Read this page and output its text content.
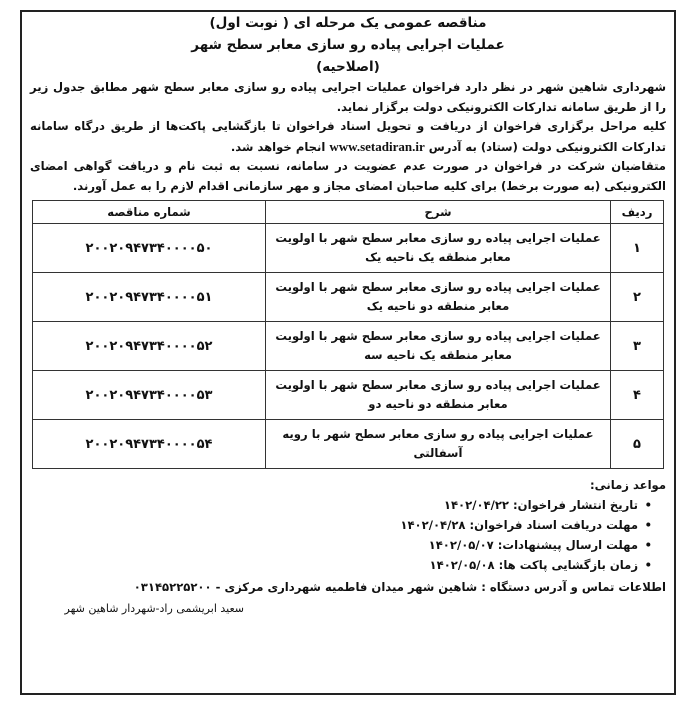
مناقصه عمومی یک مرحله ای ( نوبت اول)
عملیات اجرایی پیاده رو سازی معابر سطح شهر
(اصلاحیه)

شهرداری شاهین شهر در نظر دارد فراخوان عملیات اجرایی پیاده رو سازی معابر سطح شهر مطابق جدول زیر را از طریق سامانه تدارکات الکترونیکی دولت برگزار نماید.

کلیه مراحل برگزاری فراخوان از دریافت و تحویل اسناد فراخوان تا بازگشایی پاکت‌ها از طریق درگاه سامانه تدارکات الکترونیکی دولت (ستاد) به آدرس www.setadiran.ir انجام خواهد شد.

متقاضیان شرکت در فراخوان در صورت عدم عضویت در سامانه، نسبت به ثبت نام و دریافت گواهی امضای الکترونیکی (به صورت برخط) برای کلیه صاحبان امضای مجاز و مهر سازمانی اقدام لازم را به عمل آورند.

ردیف	شرح	شماره مناقصه
۱	عملیات اجرایی پیاده رو سازی معابر سطح شهر با اولویت معابر منطقه یک ناحیه یک	۲۰۰۲۰۹۴۷۳۴۰۰۰۰۵۰
۲	عملیات اجرایی پیاده رو سازی معابر سطح شهر با اولویت معابر منطقه دو ناحیه یک	۲۰۰۲۰۹۴۷۳۴۰۰۰۰۵۱
۳	عملیات اجرایی پیاده رو سازی معابر سطح شهر با اولویت معابر منطقه یک ناحیه سه	۲۰۰۲۰۹۴۷۳۴۰۰۰۰۵۲
۴	عملیات اجرایی پیاده رو سازی معابر سطح شهر با اولویت معابر منطقه دو ناحیه دو	۲۰۰۲۰۹۴۷۳۴۰۰۰۰۵۳
۵	عملیات اجرایی پیاده رو سازی معابر سطح شهر با رویه آسفالتی	۲۰۰۲۰۹۴۷۳۴۰۰۰۰۵۴

مواعد زمانی:

• تاریخ انتشار فراخوان: ۱۴۰۲/۰۴/۲۲
• مهلت دریافت اسناد فراخوان: ۱۴۰۲/۰۴/۲۸
• مهلت ارسال پیشنهادات: ۱۴۰۲/۰۵/۰۷
• زمان بازگشایی پاکت ها: ۱۴۰۲/۰۵/۰۸
اطلاعات تماس و آدرس دستگاه : شاهین شهر میدان فاطمیه شهرداری مرکزی - ۰۳۱۴۵۲۲۵۲۰۰
سعید ابریشمی راد-شهردار شاهین شهر
